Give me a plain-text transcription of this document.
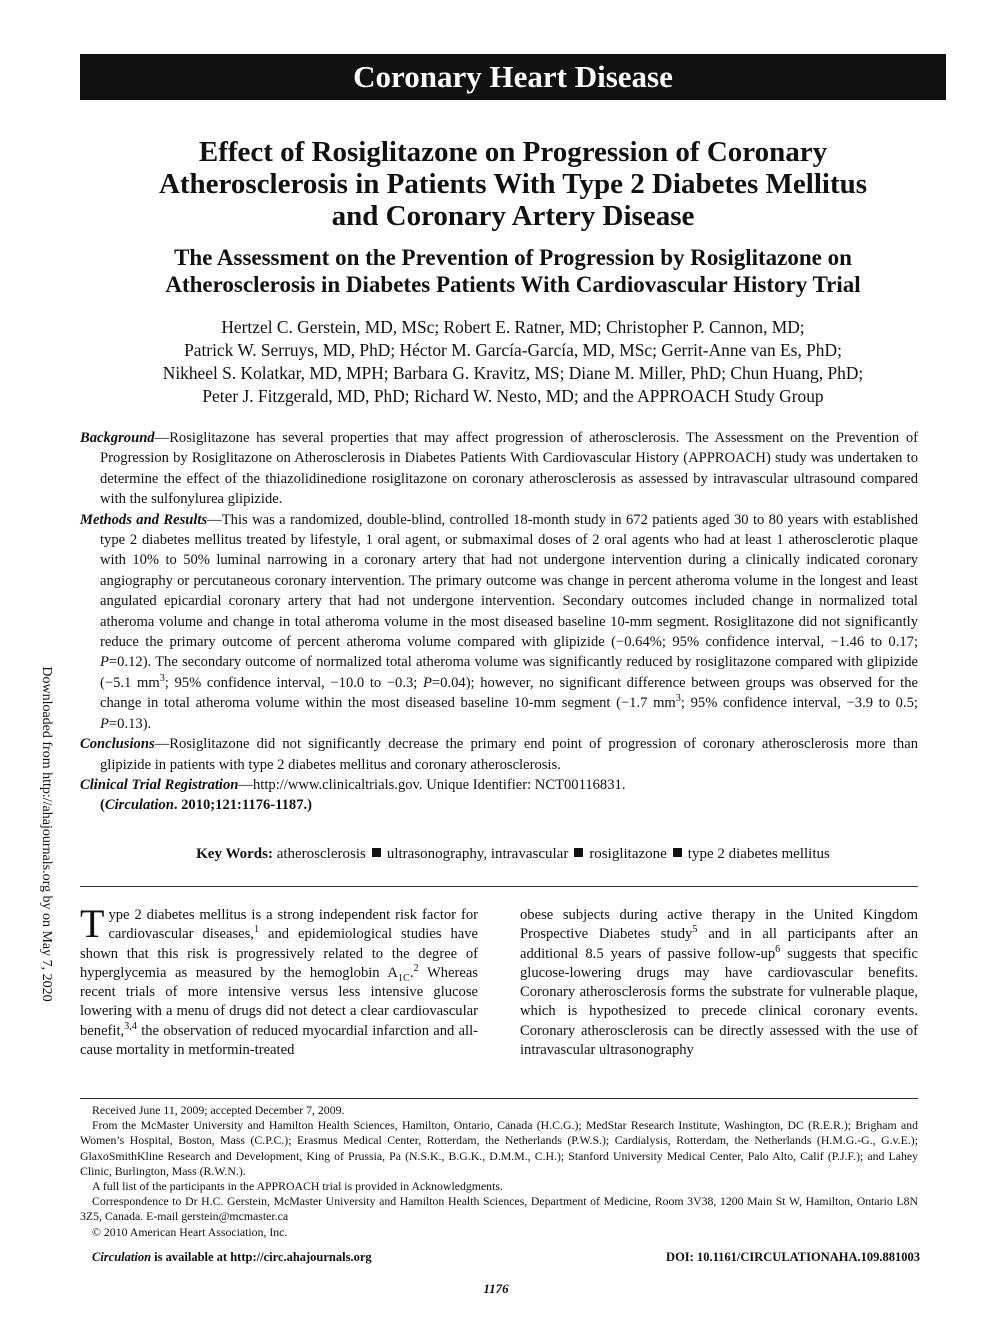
Coronary Heart Disease
Effect of Rosiglitazone on Progression of Coronary
Atherosclerosis in Patients With Type 2 Diabetes Mellitus
and Coronary Artery Disease
The Assessment on the Prevention of Progression by Rosiglitazone on
Atherosclerosis in Diabetes Patients With Cardiovascular History Trial
Hertzel C. Gerstein, MD, MSc; Robert E. Ratner, MD; Christopher P. Cannon, MD;
Patrick W. Serruys, MD, PhD; Héctor M. García-García, MD, MSc; Gerrit-Anne van Es, PhD;
Nikheel S. Kolatkar, MD, MPH; Barbara G. Kravitz, MS; Diane M. Miller, PhD; Chun Huang, PhD;
Peter J. Fitzgerald, MD, PhD; Richard W. Nesto, MD; and the APPROACH Study Group

Background—Rosiglitazone has several properties that may affect progression of atherosclerosis. The Assessment on the Prevention of Progression by Rosiglitazone on Atherosclerosis in Diabetes Patients With Cardiovascular History (APPROACH) study was undertaken to determine the effect of the thiazolidinedione rosiglitazone on coronary atherosclerosis as assessed by intravascular ultrasound compared with the sulfonylurea glipizide.

Methods and Results—This was a randomized, double-blind, controlled 18-month study in 672 patients aged 30 to 80 years with established type 2 diabetes mellitus treated by lifestyle, 1 oral agent, or submaximal doses of 2 oral agents who had at least 1 atherosclerotic plaque with 10% to 50% luminal narrowing in a coronary artery that had not undergone intervention during a clinically indicated coronary angiography or percutaneous coronary intervention. The primary outcome was change in percent atheroma volume in the longest and least angulated epicardial coronary artery that had not undergone intervention. Secondary outcomes included change in normalized total atheroma volume and change in total atheroma volume in the most diseased baseline 10-mm segment. Rosiglitazone did not significantly reduce the primary outcome of percent atheroma volume compared with glipizide (−0.64%; 95% confidence interval, −1.46 to 0.17; P=0.12). The secondary outcome of normalized total atheroma volume was significantly reduced by rosiglitazone compared with glipizide (−5.1 $mm^3$; 95% confidence interval, −10.0 to −0.3; P=0.04); however, no significant difference between groups was observed for the change in total atheroma volume within the most diseased baseline 10-mm segment (−1.7 $mm^3$; 95% confidence interval, −3.9 to 0.5; P=0.13).

Conclusions—Rosiglitazone did not significantly decrease the primary end point of progression of coronary atherosclerosis more than glipizide in patients with type 2 diabetes mellitus and coronary atherosclerosis.

Clinical Trial Registration—http://www.clinicaltrials.gov. Unique Identifier: NCT00116831.

(Circulation. 2010;121:1176-1187.)

Key Words: atherosclerosis ultrasonography, intravascular rosiglitazone type 2 diabetes mellitus

Type 2 diabetes mellitus is a strong independent risk factor for cardiovascular diseases,$^1$ and epidemiological studies have shown that this risk is progressively related to the degree of hyperglycemia as measured by the hemoglobin $A_{1C}.^2$ Whereas recent trials of more intensive versus less intensive glucose lowering with a menu of drugs did not detect a clear cardiovascular benefit,$^{3,4}$ the observation of reduced myocardial infarction and all-cause mortality in metformin-treated

obese subjects during active therapy in the United Kingdom Prospective Diabetes study$^5$ and in all participants after an additional 8.5 years of passive follow-$up^6$ suggests that specific glucose-lowering drugs may have cardiovascular benefits. Coronary atherosclerosis forms the substrate for vulnerable plaque, which is hypothesized to precede clinical coronary events. Coronary atherosclerosis can be directly assessed with the use of intravascular ultrasonography

Downloaded from http://ahajournals.org by on May 7, 2020

Received June 11, 2009; accepted December 7, 2009.

From the McMaster University and Hamilton Health Sciences, Hamilton, Ontario, Canada (H.C.G.); MedStar Research Institute, Washington, DC (R.E.R.); Brigham and Women’s Hospital, Boston, Mass (C.P.C.); Erasmus Medical Center, Rotterdam, the Netherlands (P.W.S.); Cardialysis, Rotterdam, the Netherlands (H.M.G.-G., G.v.E.); GlaxoSmithKline Research and Development, King of Prussia, Pa (N.S.K., B.G.K., D.M.M., C.H.); Stanford University Medical Center, Palo Alto, Calif (P.J.F.); and Lahey Clinic, Burlington, Mass (R.W.N.).

A full list of the participants in the APPROACH trial is provided in Acknowledgments.

Correspondence to Dr H.C. Gerstein, McMaster University and Hamilton Health Sciences, Department of Medicine, Room 3V38, 1200 Main St W, Hamilton, Ontario L8N 3Z5, Canada. E-mail gerstein@mcmaster.ca

© 2010 American Heart Association, Inc.

Circulation is available at http://circ.ahajournals.org	DOI: 10.1161/CIRCULATIONAHA.109.881003
1176
